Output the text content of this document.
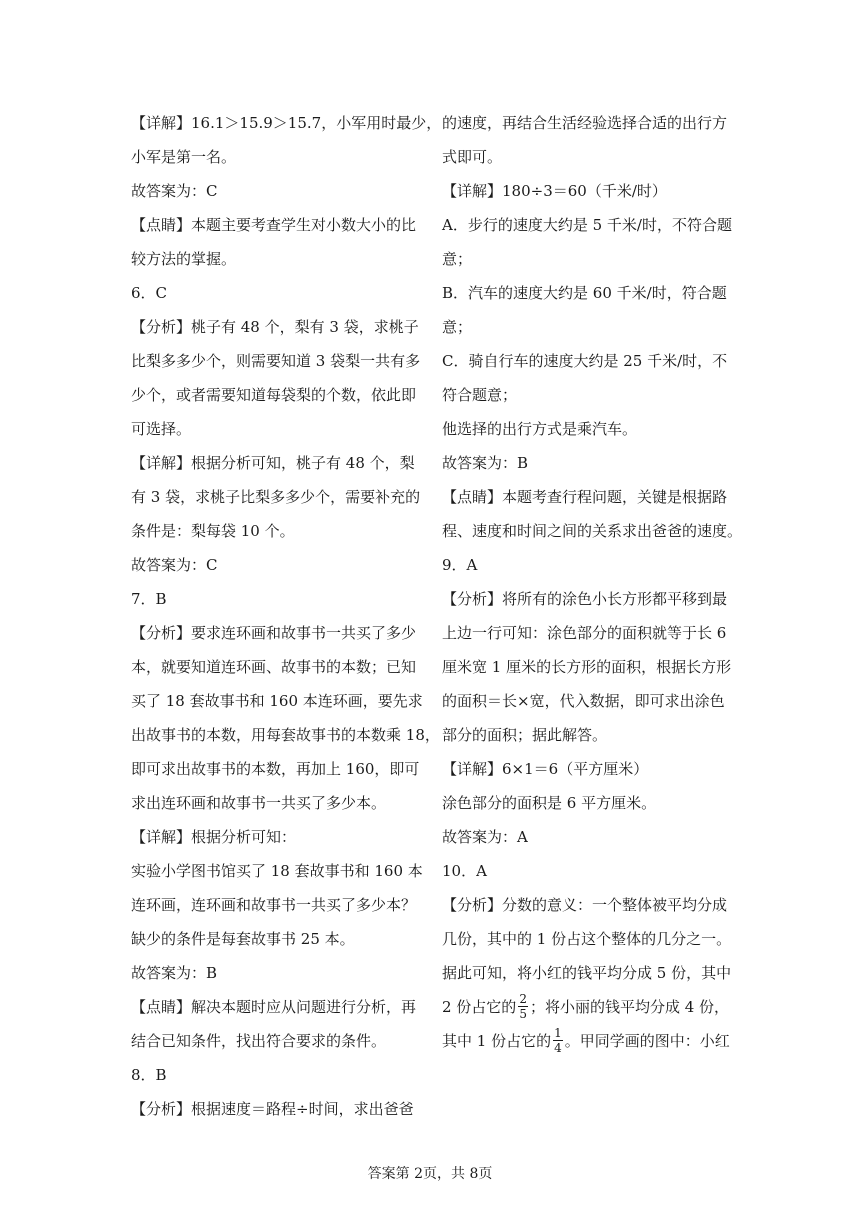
【详解】16.1＞15.9＞15.7，小军用时最少，
小军是第一名。
故答案为：C
【点睛】本题主要考查学生对小数大小的比
较方法的掌握。
6．C
【分析】桃子有 48 个，梨有 3 袋，求桃子
比梨多多少个，则需要知道 3 袋梨一共有多
少个，或者需要知道每袋梨的个数，依此即
可选择。
【详解】根据分析可知，桃子有 48 个，梨
有 3 袋，求桃子比梨多多少个，需要补充的
条件是：梨每袋 10 个。
故答案为：C
7．B
【分析】要求连环画和故事书一共买了多少
本，就要知道连环画、故事书的本数；已知
买了 18 套故事书和 160 本连环画，要先求
出故事书的本数，用每套故事书的本数乘 18，
即可求出故事书的本数，再加上 160，即可
求出连环画和故事书一共买了多少本。
【详解】根据分析可知：
实验小学图书馆买了 18 套故事书和 160 本
连环画，连环画和故事书一共买了多少本？
缺少的条件是每套故事书 25 本。
故答案为：B
【点睛】解决本题时应从问题进行分析，再
结合已知条件，找出符合要求的条件。
8．B
【分析】根据速度＝路程÷时间，求出爸爸
的速度，再结合生活经验选择合适的出行方
式即可。
【详解】180÷3＝60（千米/时）
A．步行的速度大约是 5 千米/时，不符合题
意；
B．汽车的速度大约是 60 千米/时，符合题
意；
C．骑自行车的速度大约是 25 千米/时，不
符合题意；
他选择的出行方式是乘汽车。
故答案为：B
【点睛】本题考查行程问题，关键是根据路
程、速度和时间之间的关系求出爸爸的速度。
9．A
【分析】将所有的涂色小长方形都平移到最
上边一行可知：涂色部分的面积就等于长 6
厘米宽 1 厘米的长方形的面积，根据长方形
的面积＝长×宽，代入数据，即可求出涂色
部分的面积；据此解答。
【详解】6×1＝6（平方厘米）
涂色部分的面积是 6 平方厘米。
故答案为：A
10．A
【分析】分数的意义：一个整体被平均分成
几份，其中的 1 份占这个整体的几分之一。
据此可知，将小红的钱平均分成 5 份，其中
2 份占它的 $\frac{2}{5}$ ；将小丽的钱平均分成 4 份，
其中 1 份占它的 $\frac{1}{4}$ 。甲同学画的图中：小红
答案第 2页，共 8页
